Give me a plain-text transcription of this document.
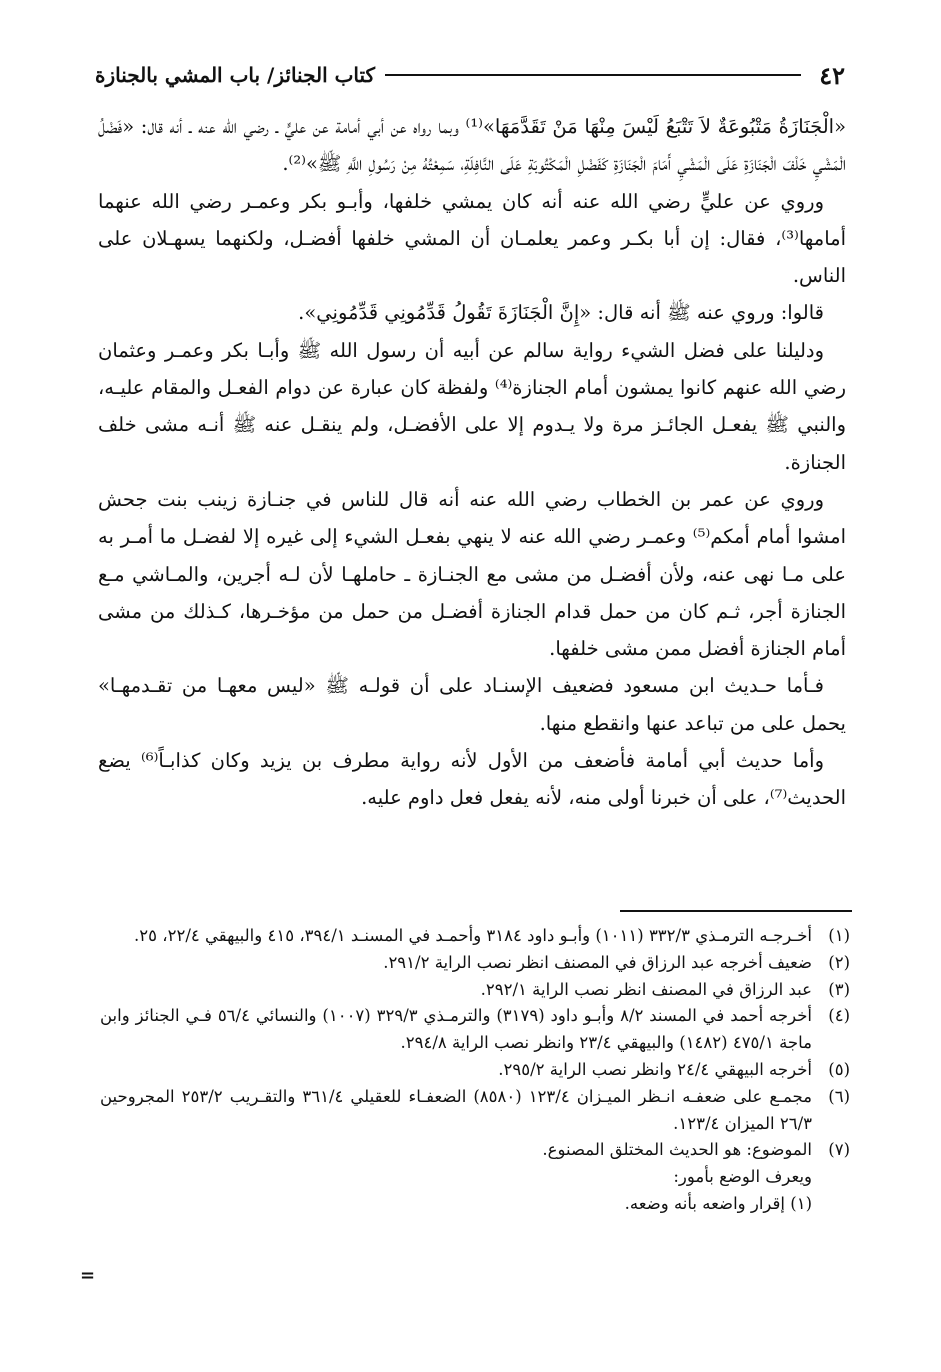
٤٢
كتاب الجنائز/ باب المشي بالجنازة

«الْجَنَازَةُ مَتْبُوعَةٌ لاَ تَتْبَعُ لَيْسَ مِنْهَا مَنْ تَقَدَّمَهَا»⁽¹⁾ وبما رواه عن أبي أمامة عن عليٍّ ـ رضي الله عنه ـ أنه قال: «فَضْلُ الْمَشْيِ خَلْفَ الْجَنَازَةِ عَلَى الْمَشْيِ أَمَامَ الْجَنَازَةِ كَفَضْلِ الْمَكْتُوبَةِ عَلَى النَّافِلَةِ، سَمِعْتُهُ مِنْ رَسُولِ اللَّهِ ﷺ»⁽²⁾.

وروي عن عليٍّ رضي الله عنه أنه كان يمشي خلفها، وأبـو بكر وعمـر رضي الله عنهما أمامها⁽³⁾، فقال: إن أبا بكـر وعمر يعلمـان أن المشي خلفها أفضـل، ولكنهما يسهـلان على الناس.

قالوا: وروي عنه ﷺ أنه قال: «إِنَّ الْجَنَازَةَ تَقُولُ قَدِّمُونِي قَدِّمُونِي».

ودليلنا على فضل الشيء رواية سالم عن أبيه أن رسول الله ﷺ وأبـا بكر وعمـر وعثمان رضي الله عنهم كانوا يمشون أمام الجنازة⁽⁴⁾ ولفظة كان عبارة عن دوام الفعـل والمقام عليـه، والنبي ﷺ يفعـل الجائـز مرة ولا يـدوم إلا على الأفضـل، ولم ينقـل عنه ﷺ أنـه مشى خلف الجنازة.

وروي عن عمر بن الخطاب رضي الله عنه أنه قال للناس في جنـازة زينب بنت جحش امشوا أمام أمكم⁽⁵⁾ وعمـر رضي الله عنه لا ينهي بفعـل الشيء إلى غيره إلا لفضـل ما أمـر به على مـا نهى عنه، ولأن أفضـل من مشى مع الجنـازة ـ حاملهـا لأن لـه أجرين، والمـاشي مـع الجنازة أجر، ثـم كان من حمل قدام الجنازة أفضـل من حمل من مؤخـرها، كـذلك من مشى أمام الجنازة أفضل ممن مشى خلفها.

فـأما حـديث ابن مسعود فضعيف الإسنـاد على أن قولـه ﷺ «ليس معهـا من تقـدمهـا» يحمل على من تباعد عنها وانقطع منها.

وأما حديث أبي أمامة فأضعف من الأول لأنه رواية مطرف بن يزيد وكان كذابـاً⁽⁶⁾ يضع الحديث⁽⁷⁾، على أن خبرنا أولى منه، لأنه يفعل فعل داوم عليه.

(١)
أخـرجـه الترمـذي ٣٣٢/٣ (١٠١١) وأبـو داود ٣١٨٤ وأحمـد في المسنـد ٣٩٤/١، ٤١٥ والبيهقي ٢٢/٤، ٢٥.
(٢)
ضعيف أخرجه عبد الرزاق في المصنف انظر نصب الراية ٢٩١/٢.
(٣)
عبد الرزاق في المصنف انظر نصب الراية ٢٩٢/١.
(٤)
أخرجه أحمد في المسند ٨/٢ وأبـو داود (٣١٧٩) والترمـذي ٣٢٩/٣ (١٠٠٧) والنسائي ٥٦/٤ فـي الجنائز وابن ماجة ٤٧٥/١ (١٤٨٢) والبيهقي ٢٣/٤ وانظر نصب الراية ٢٩٤/٨.
(٥)
أخرجه البيهقي ٢٤/٤ وانظر نصب الراية ٢٩٥/٢.
(٦)
مجمـع على ضعفـه انـظر الميـزان ١٢٣/٤ (٨٥٨٠) الضعفـاء للعقيلي ٣٦١/٤ والتقـريب ٢٥٣/٢ المجروحين ٢٦/٣ الميزان ١٢٣/٤.
(٧)
الموضوع: هو الحديث المختلق المصنوع.
ويعرف الوضع بأمور:
(١) إقرار واضعه بأنه وضعه.
=
